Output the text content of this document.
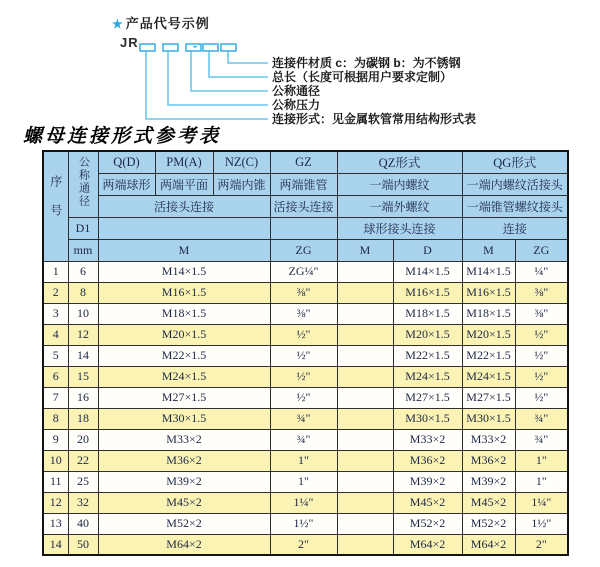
★ 产品代号示例
JR	-
连接件材质 c：为碳钢 b：为不锈钢
总长（长度可根据用户要求定制）
公称通径
公称压力
连接形式：见金属软管常用结构形式表
螺母连接形式参考表
序号	公称通径	Q(D)	PM(A)	NZ(C)	GZ	QZ形式		QG形式	
		两端球形	两端平面	两端内锥	两端锥管	一端内螺纹		一端内螺纹活接头	
		活接头连接			活接头连接	一端外螺纹		一端锥管螺纹接头	
	D1					球形接头连接		连接	
	mm	M			ZG	M	D	M	ZG
1	6	M14×1.5			ZG¼"		M14×1.5	M14×1.5	¼"
2	8	M16×1.5			⅜"		M16×1.5	M16×1.5	⅜"
3	10	M18×1.5			⅜"		M18×1.5	M18×1.5	⅜"
4	12	M20×1.5			½"		M20×1.5	M20×1.5	½"
5	14	M22×1.5			½"		M22×1.5	M22×1.5	½"
6	15	M24×1.5			½"		M24×1.5	M24×1.5	½"
7	16	M27×1.5			½"		M27×1.5	M27×1.5	½"
8	18	M30×1.5			¾"		M30×1.5	M30×1.5	¾"
9	20	M33×2			¾"		M33×2	M33×2	¾"
10	22	M36×2			1"		M36×2	M36×2	1"
11	25	M39×2			1"		M39×2	M39×2	1"
12	32	M45×2			1¼"		M45×2	M45×2	1¼"
13	40	M52×2			1½"		M52×2	M52×2	1½"
14	50	M64×2			2"		M64×2	M64×2	2"
